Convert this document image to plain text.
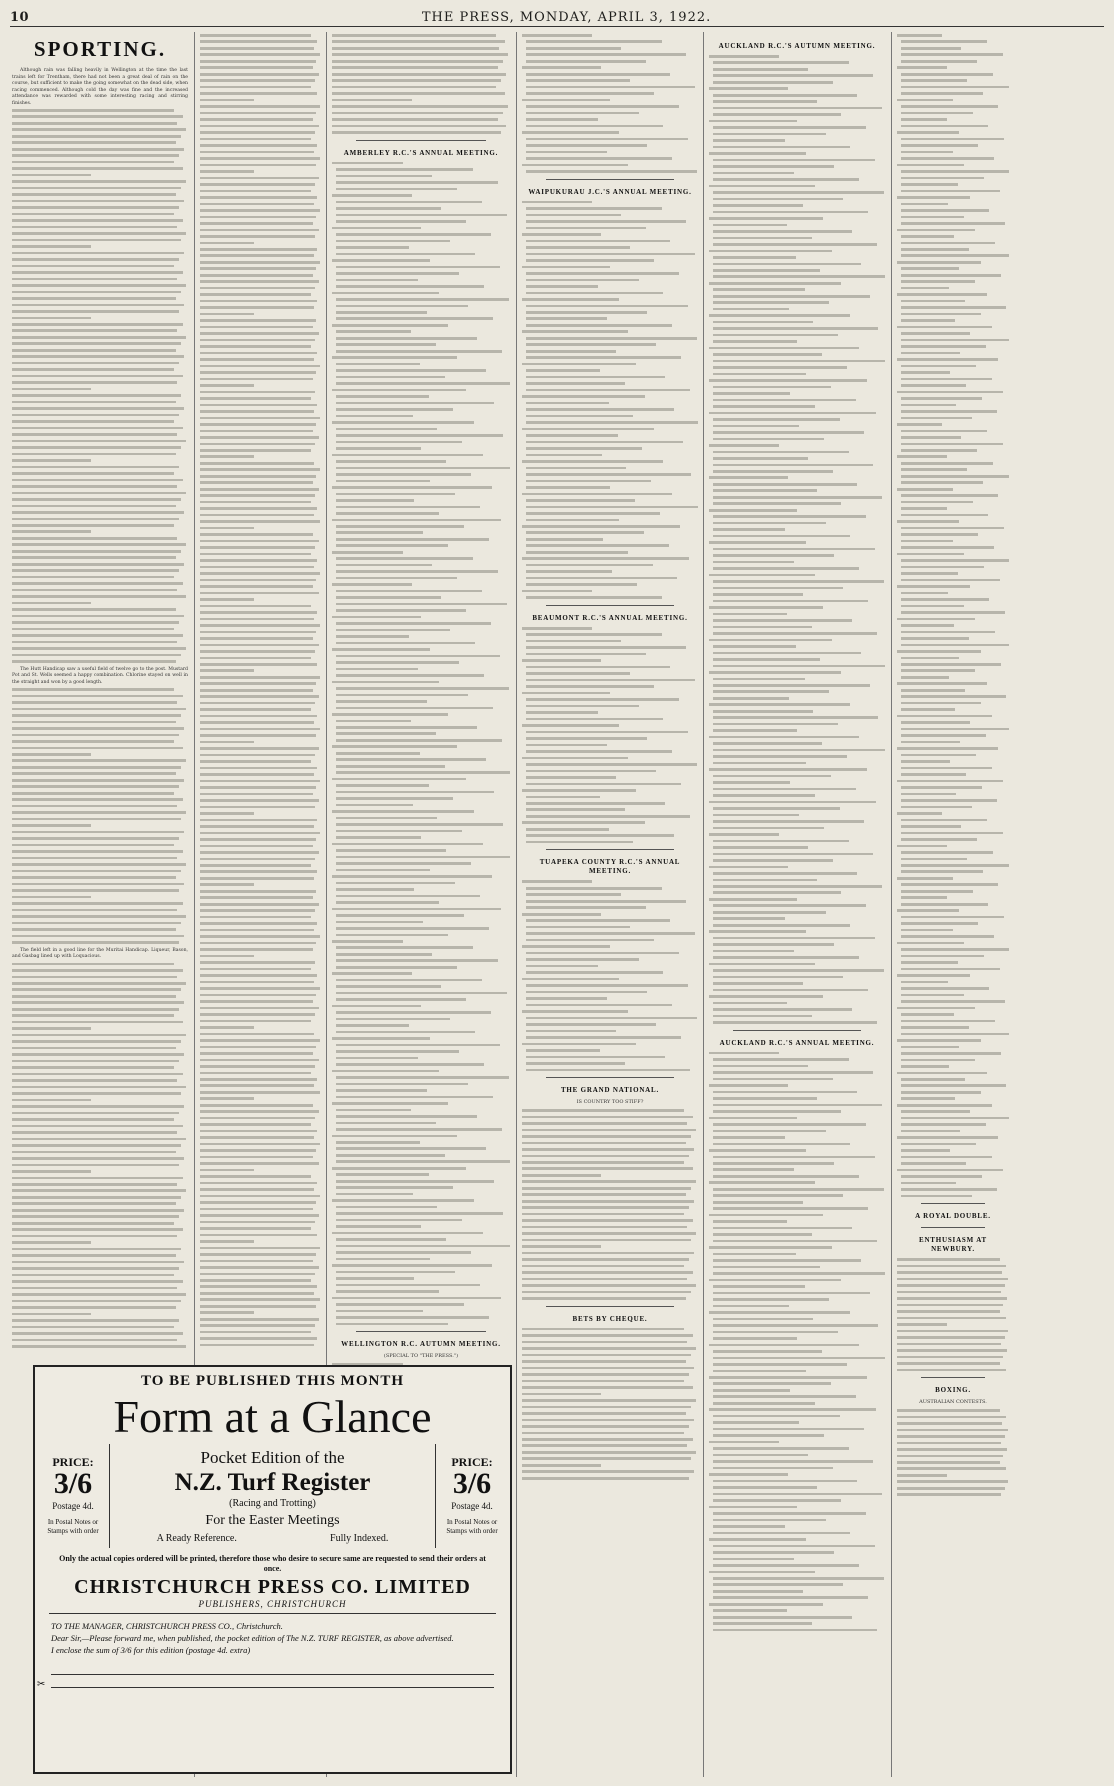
10	THE PRESS, MONDAY, APRIL 3, 1922.
SPORTING.

Although rain was falling heavily in Wellington at the time the last trains left for Trentham, there had not been a great deal of rain on the course, but sufficient to make the going somewhat on the dead side, when racing commenced. Although cold the day was fine and the increased attendance was rewarded with some interesting racing and stirring finishes.

The Hutt Handicap saw a useful field of twelve go to the post. Mustard Pot and St. Wells seemed a happy combination. Chlorine stayed on well in the straight and won by a good length.

The field left in a good line for the Muritai Handicap. Liqueur, Bason, and Gasbag lined up with Loquacious.

AMBERLEY R.C.'S ANNUAL MEETING.
WELLINGTON R.C. AUTUMN MEETING.
(SPECIAL TO "THE PRESS.")
WAIPUKURAU J.C.'S ANNUAL MEETING.
BEAUMONT R.C.'S ANNUAL MEETING.
TUAPEKA COUNTY R.C.'S ANNUAL MEETING.
THE GRAND NATIONAL.
IS COUNTRY TOO STIFF?
BETS BY CHEQUE.
AUCKLAND R.C.'S AUTUMN MEETING.
AUCKLAND R.C.'S ANNUAL MEETING.
A ROYAL DOUBLE.
ENTHUSIASM AT NEWBURY.
BOXING.
AUSTRALIAN CONTESTS.
TO BE PUBLISHED THIS MONTH
Form at a Glance
PRICE:
3/6
Postage 4d.
In Postal Notes or Stamps with order
Pocket Edition of the
N.Z. Turf Register
(Racing and Trotting)
For the Easter Meetings
A Ready Reference.	Fully Indexed.
PRICE:
3/6
Postage 4d.
In Postal Notes or Stamps with order
Only the actual copies ordered will be printed, therefore those who desire to secure same are requested to send their orders at once.
CHRISTCHURCH PRESS CO. LIMITED
PUBLISHERS, CHRISTCHURCH
TO THE MANAGER, CHRISTCHURCH PRESS CO., Christchurch.
Dear Sir,—Please forward me, when published, the pocket edition of The N.Z. TURF REGISTER, as above advertised.
I enclose the sum of 3/6 for this edition (postage 4d. extra)
✂
